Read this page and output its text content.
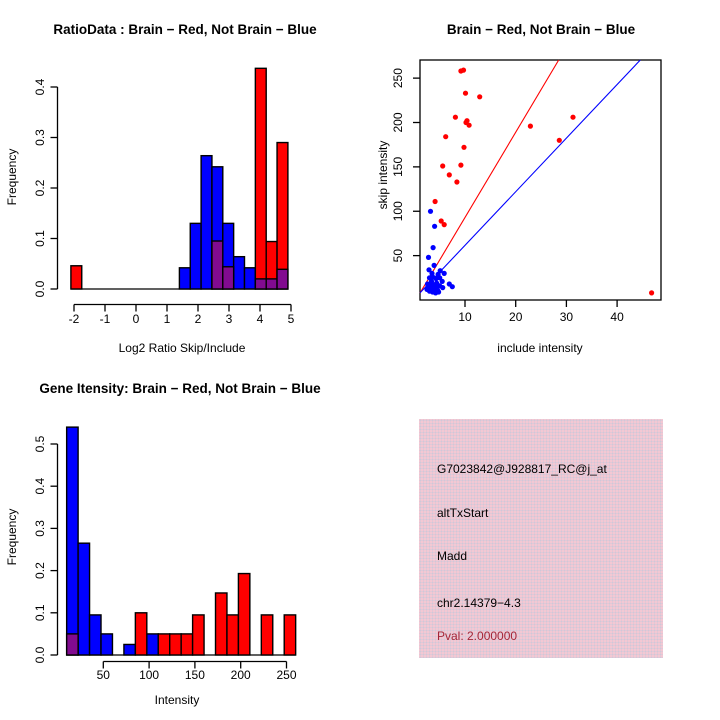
RatioData : Brain − Red, Not Brain − Blue
Frequency
Log2 Ratio Skip/Include
0.0
0.1
0.2
0.3
0.4
-2 -1 0 1 2 3 4 5
Brain − Red, Not Brain − Blue
skip intensity
include intensity
10	20	30	40
50
100
150
200
250
Gene Itensity: Brain − Red, Not Brain − Blue
Frequency
Intensity
0.0
0.1
0.2
0.3
0.4
0.5
50 100 150 200 250
G7023842@J928817_RC@j_at
altTxStart
Madd
chr2.14379−4.3
Pval: 2.000000
